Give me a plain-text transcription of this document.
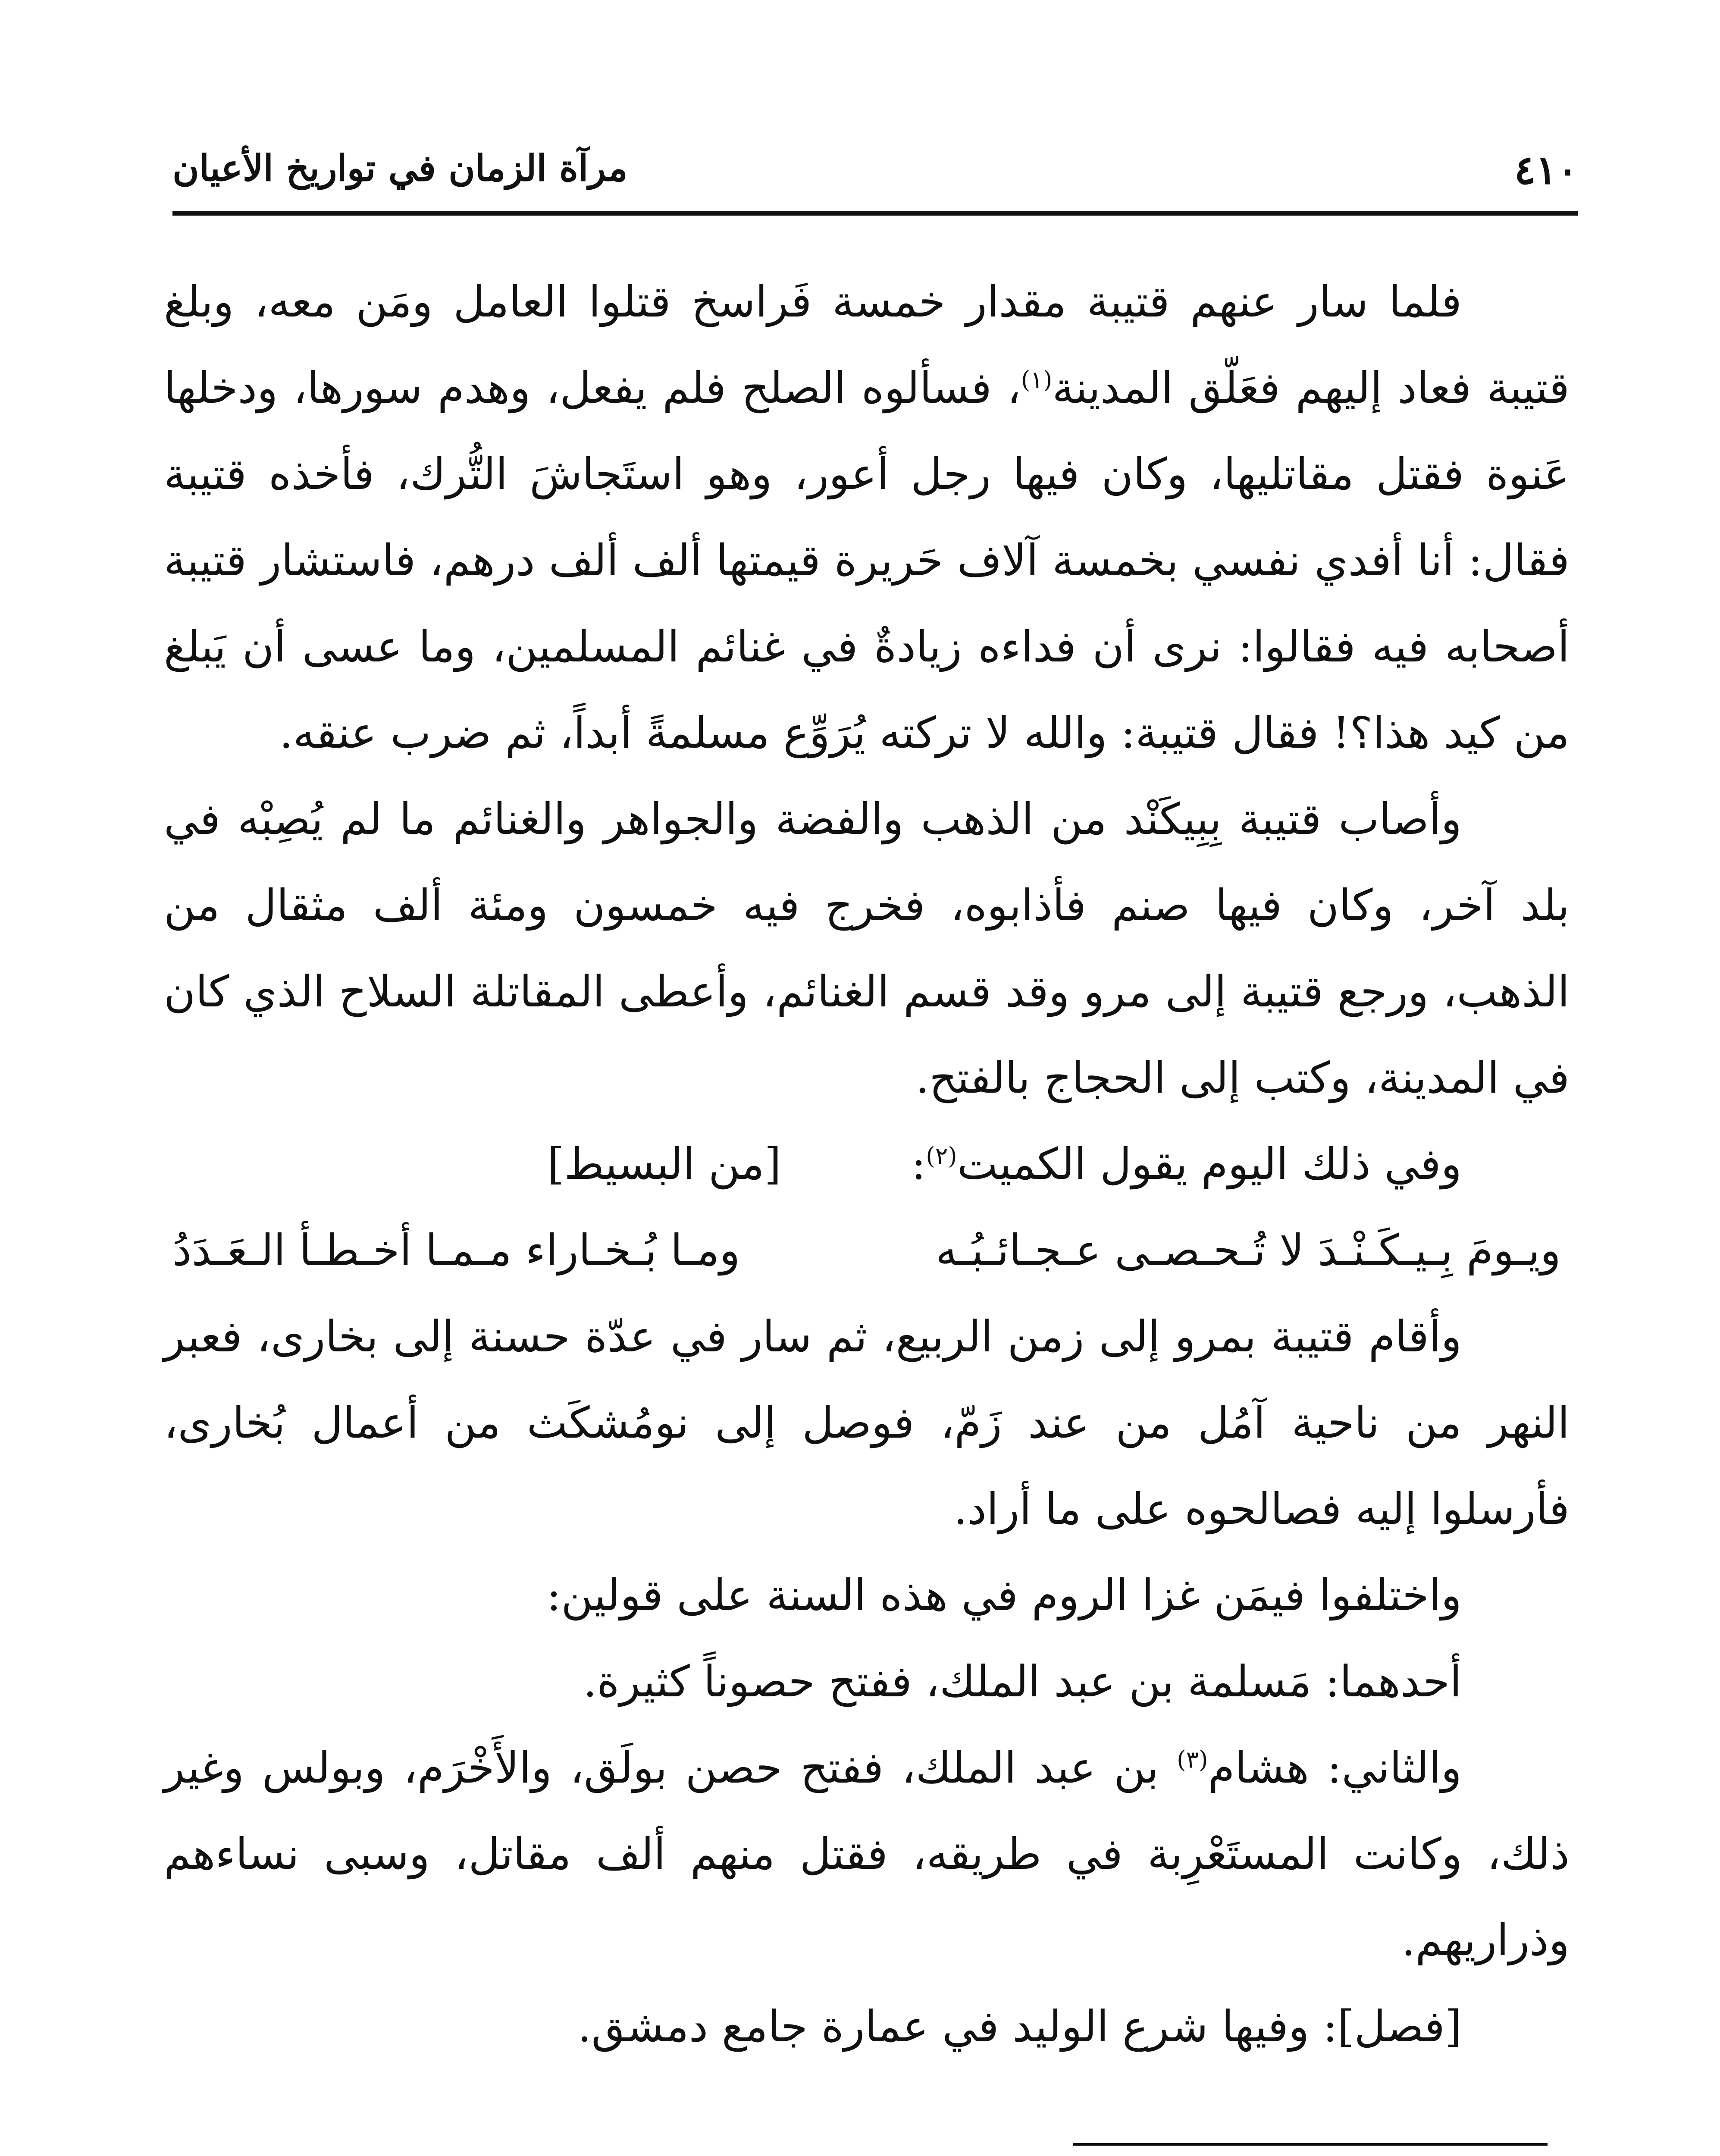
٤١٠
مرآة الزمان في تواريخ الأعيان

فلما سار عنهم قتيبة مقدار خمسة فَراسخ قتلوا العامل ومَن معه، وبلغ قتيبة فعاد إليهم فعَلّق المدينة$^{(١)}$، فسألوه الصلح فلم يفعل، وهدم سورها، ودخلها عَنوة فقتل مقاتليها، وكان فيها رجل أعور، وهو استَجاشَ التُّرك، فأخذه قتيبة فقال: أنا أفدي نفسي بخمسة آلاف حَريرة قيمتها ألف ألف درهم، فاستشار قتيبة أصحابه فيه فقالوا: نرى أن فداءه زيادةٌ في غنائم المسلمين، وما عسى أن يَبلغ من كيد هذا؟! فقال قتيبة: والله لا تركته يُرَوِّع مسلمةً أبداً، ثم ضرب عنقه.

وأصاب قتيبة بِبِيكَنْد من الذهب والفضة والجواهر والغنائم ما لم يُصِبْه في بلد آخر، وكان فيها صنم فأذابوه، فخرج فيه خمسون ومئة ألف مثقال من الذهب، ورجع قتيبة إلى مرو وقد قسم الغنائم، وأعطى المقاتلة السلاح الذي كان في المدينة، وكتب إلى الحجاج بالفتح.

وفي ذلك اليوم يقول الكميت$^{(٢)}$: [من البسيط]

ويـومَ بِـيـكَـنْـدَ لا تُـحـصـى عـجـائـبُـه
ومـا بُـخـاراء مـمـا أخـطـأ الـعَـدَدُ

وأقام قتيبة بمرو إلى زمن الربيع، ثم سار في عدّة حسنة إلى بخارى، فعبر النهر من ناحية آمُل من عند زَمّ، فوصل إلى نومُشكَث من أعمال بُخارى، فأرسلوا إليه فصالحوه على ما أراد.

واختلفوا فيمَن غزا الروم في هذه السنة على قولين:

أحدهما: مَسلمة بن عبد الملك، ففتح حصوناً كثيرة.

والثاني: هشام$^{(٣)}$ بن عبد الملك، ففتح حصن بولَق، والأَخْرَم، وبولس وغير ذلك، وكانت المستَعْرِبة في طريقه، فقتل منهم ألف مقاتل، وسبى نساءهم وذراريهم.

[فصل]: وفيها شرع الوليد في عمارة جامع دمشق.
